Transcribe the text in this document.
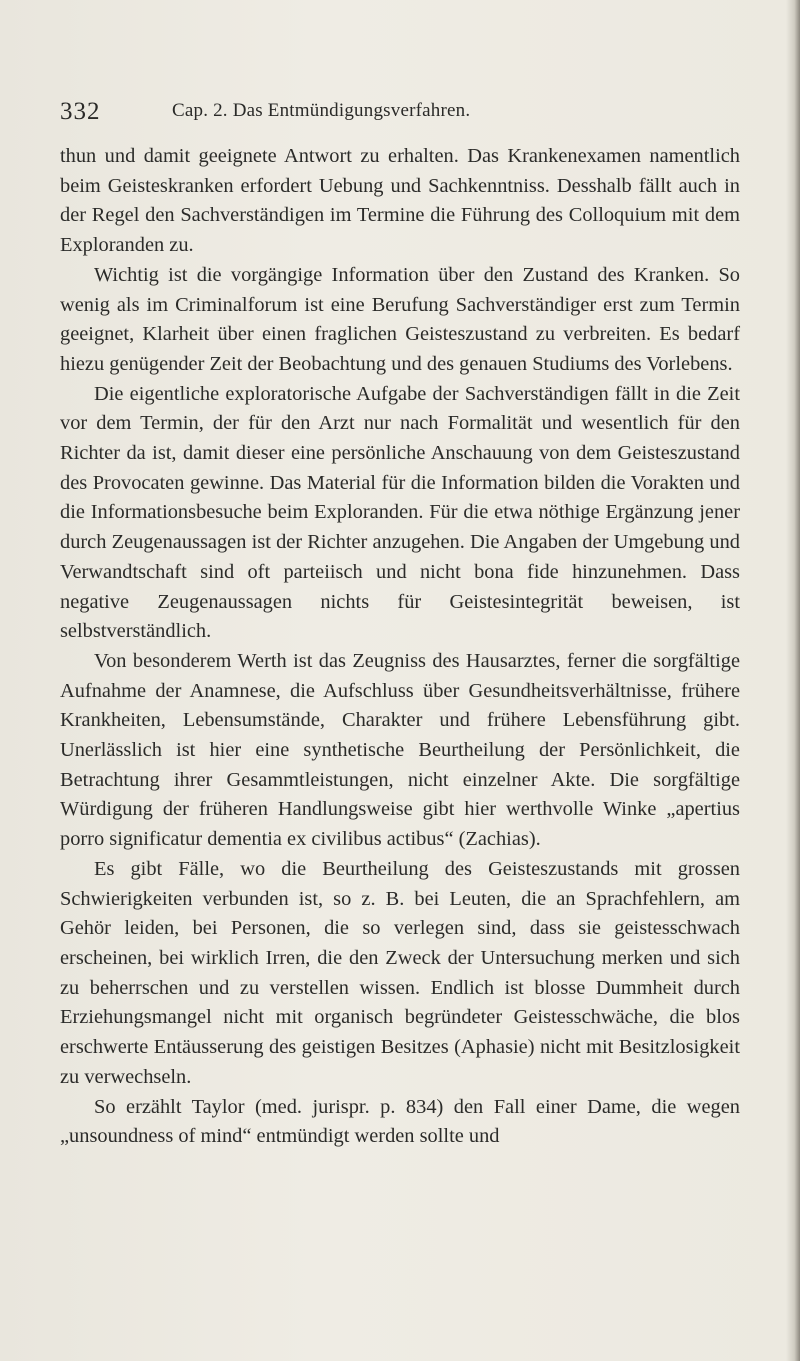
332	Cap. 2. Das Entmündigungsverfahren.

thun und damit geeignete Antwort zu erhalten. Das Krankenexamen namentlich beim Geisteskranken erfordert Uebung und Sachkenntniss. Desshalb fällt auch in der Regel den Sachverständigen im Termine die Führung des Colloquium mit dem Exploranden zu.

Wichtig ist die vorgängige Information über den Zustand des Kranken. So wenig als im Criminalforum ist eine Berufung Sachverständiger erst zum Termin geeignet, Klarheit über einen fraglichen Geisteszustand zu verbreiten. Es bedarf hiezu genügender Zeit der Beobachtung und des genauen Studiums des Vorlebens.

Die eigentliche exploratorische Aufgabe der Sachverständigen fällt in die Zeit vor dem Termin, der für den Arzt nur nach Formalität und wesentlich für den Richter da ist, damit dieser eine persönliche Anschauung von dem Geisteszustand des Provocaten gewinne. Das Material für die Information bilden die Vorakten und die Informationsbesuche beim Exploranden. Für die etwa nöthige Ergänzung jener durch Zeugenaussagen ist der Richter anzugehen. Die Angaben der Umgebung und Verwandtschaft sind oft parteiisch und nicht bona fide hinzunehmen. Dass negative Zeugenaussagen nichts für Geistesintegrität beweisen, ist selbstverständlich.

Von besonderem Werth ist das Zeugniss des Hausarztes, ferner die sorgfältige Aufnahme der Anamnese, die Aufschluss über Gesundheitsverhältnisse, frühere Krankheiten, Lebensumstände, Charakter und frühere Lebensführung gibt. Unerlässlich ist hier eine synthetische Beurtheilung der Persönlichkeit, die Betrachtung ihrer Gesammtleistungen, nicht einzelner Akte. Die sorgfältige Würdigung der früheren Handlungsweise gibt hier werthvolle Winke „apertius porro significatur dementia ex civilibus actibus“ (Zachias).

Es gibt Fälle, wo die Beurtheilung des Geisteszustands mit grossen Schwierigkeiten verbunden ist, so z. B. bei Leuten, die an Sprachfehlern, am Gehör leiden, bei Personen, die so verlegen sind, dass sie geistesschwach erscheinen, bei wirklich Irren, die den Zweck der Untersuchung merken und sich zu beherrschen und zu verstellen wissen. Endlich ist blosse Dummheit durch Erziehungsmangel nicht mit organisch begründeter Geistesschwäche, die blos erschwerte Entäusserung des geistigen Besitzes (Aphasie) nicht mit Besitzlosigkeit zu verwechseln.

So erzählt Taylor (med. jurispr. p. 834) den Fall einer Dame, die wegen „unsoundness of mind“ entmündigt werden sollte und
